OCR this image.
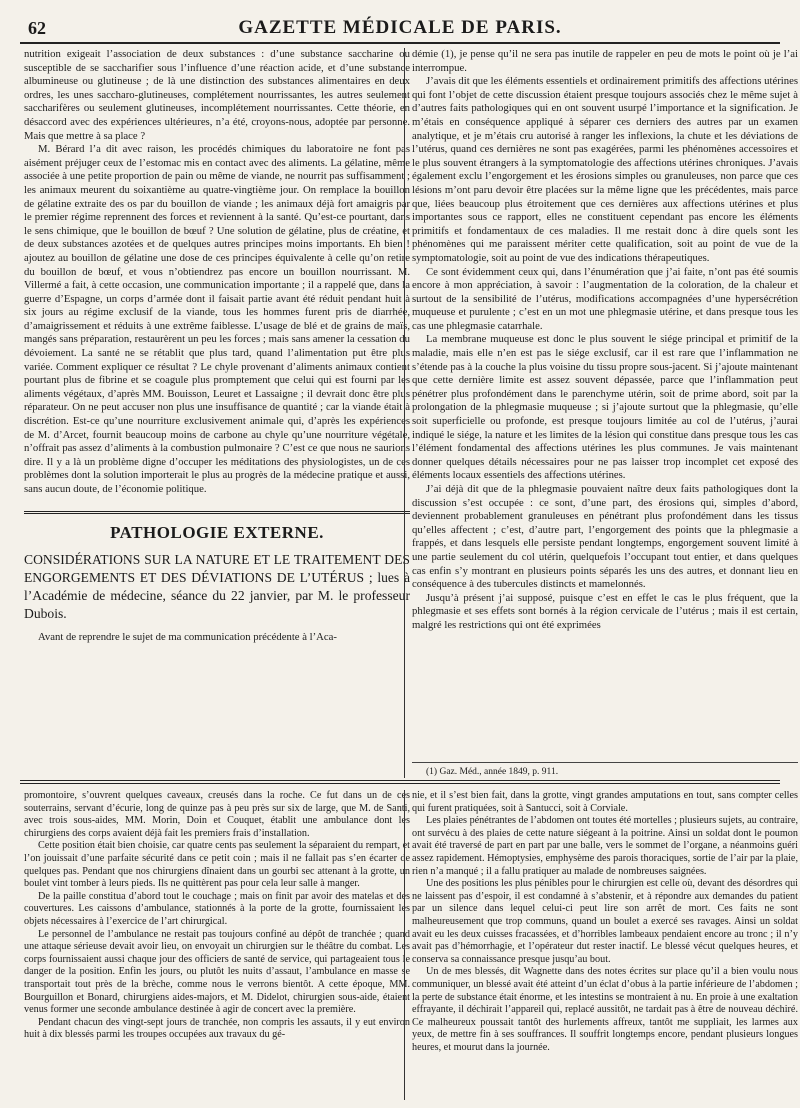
62	GAZETTE MÉDICALE DE PARIS.

nutrition exigeait l’association de deux substances : d’une substance saccharine ou susceptible de se saccharifier sous l’influence d’une réaction acide, et d’une substance albumineuse ou glutineuse ; de là une distinction des substances alimentaires en deux ordres, les unes saccharo-glutineuses, complétement nourrissantes, les autres seulement saccharifères ou seulement glutineuses, incomplétement nourrissantes. Cette théorie, en désaccord avec des expériences ultérieures, n’a été, croyons-nous, adoptée par personne. Mais que mettre à sa place ?

M. Bérard l’a dit avec raison, les procédés chimiques du laboratoire ne font pas aisément préjuger ceux de l’estomac mis en contact avec des aliments. La gélatine, même associée à une petite proportion de pain ou même de viande, ne nourrit pas suffisamment ; les animaux meurent du soixantième au quatre-vingtième jour. On remplace la bouillon de gélatine extraite des os par du bouillon de viande ; les animaux déjà fort amaigris par le premier régime reprennent des forces et reviennent à la santé. Qu’est-ce pourtant, dans le sens chimique, que le bouillon de bœuf ? Une solution de gélatine, plus de créatine, et de deux substances azotées et de quelques autres principes moins importants. Eh bien ! ajoutez au bouillon de gélatine une dose de ces principes équivalente à celle qu’on retire du bouillon de bœuf, et vous n’obtiendrez pas encore un bouillon nourrissant. M. Villermé a fait, à cette occasion, une communication importante ; il a rappelé que, dans la guerre d’Espagne, un corps d’armée dont il faisait partie avant été réduit pendant huit à six jours au régime exclusif de la viande, tous les hommes furent pris de diarrhée, d’amaigrissement et réduits à une extrême faiblesse. L’usage de blé et de grains de maïs, mangés sans préparation, restaurèrent un peu les forces ; mais sans amener la cessation du dévoiement. La santé ne se rétablit que plus tard, quand l’alimentation put être plus variée. Comment expliquer ce résultat ? Le chyle provenant d’aliments animaux contient pourtant plus de fibrine et se coagule plus promptement que celui qui est fourni par les aliments végétaux, d’après MM. Bouisson, Leuret et Lassaigne ; il devrait donc être plus réparateur. On ne peut accuser non plus une insuffisance de quantité ; car la viande était à discrétion. Est-ce qu’une nourriture exclusivement animale qui, d’après les expériences de M. d’Arcet, fournit beaucoup moins de carbone au chyle qu’une nourriture végétale, n’offrait pas assez d’aliments à la combustion pulmonaire ? C’est ce que nous ne saurions dire. Il y a là un problème digne d’occuper les méditations des physiologistes, un de ces problèmes dont la solution importerait le plus au progrès de la médecine pratique et aussi, sans aucun doute, de l’économie politique.

PATHOLOGIE EXTERNE.
CONSIDÉRATIONS SUR LA NATURE ET LE TRAITEMENT DES ENGORGEMENTS ET DES DÉVIATIONS DE L’UTÉRUS ; lues à l’Académie de médecine, séance du 22 janvier, par M. le professeur Dubois.

Avant de reprendre le sujet de ma communication précédente à l’Aca-

démie (1), je pense qu’il ne sera pas inutile de rappeler en peu de mots le point où je l’ai interrompue.

J’avais dit que les éléments essentiels et ordinairement primitifs des affections utérines qui font l’objet de cette discussion étaient presque toujours associés chez le même sujet à d’autres faits pathologiques qui en ont souvent usurpé l’importance et la signification. Je m’étais en conséquence appliqué à séparer ces derniers des autres par un examen analytique, et je m’étais cru autorisé à ranger les inflexions, la chute et les déviations de l’utérus, quand ces dernières ne sont pas exagérées, parmi les phénomènes accessoires et le plus souvent étrangers à la symptomatologie des affections utérines chroniques. J’avais également exclu l’engorgement et les érosions simples ou granuleuses, non parce que ces lésions m’ont paru devoir être placées sur la même ligne que les précédentes, mais parce que, liées beaucoup plus étroitement que ces dernières aux affections utérines et plus importantes sous ce rapport, elles ne constituent cependant pas encore les éléments primitifs et fondamentaux de ces maladies. Il me restait donc à dire quels sont les phénomènes qui me paraissent mériter cette qualification, soit au point de vue de la symptomatologie, soit au point de vue des indications thérapeutiques.

Ce sont évidemment ceux qui, dans l’énumération que j’ai faite, n’ont pas été soumis encore à mon appréciation, à savoir : l’augmentation de la coloration, de la chaleur et surtout de la sensibilité de l’utérus, modifications accompagnées d’une hypersécrétion muqueuse et purulente ; c’est en un mot une phlegmasie utérine, et dans presque tous les cas une phlegmasie catarrhale.

La membrane muqueuse est donc le plus souvent le siége principal et primitif de la maladie, mais elle n’en est pas le siége exclusif, car il est rare que l’inflammation ne s’étende pas à la couche la plus voisine du tissu propre sous-jacent. Si j’ajoute maintenant que cette dernière limite est assez souvent dépassée, parce que l’inflammation peut pénétrer plus profondément dans le parenchyme utérin, soit de prime abord, soit par la prolongation de la phlegmasie muqueuse ; si j’ajoute surtout que la phlegmasie, qu’elle soit superficielle ou profonde, est presque toujours limitée au col de l’utérus, j’aurai indiqué le siége, la nature et les limites de la lésion qui constitue dans presque tous les cas l’élément fondamental des affections utérines les plus communes. Je vais maintenant donner quelques détails nécessaires pour ne pas laisser trop incomplet cet exposé des éléments locaux essentiels des affections utérines.

J’ai déjà dit que de la phlegmasie pouvaient naître deux faits pathologiques dont la discussion s’est occupée : ce sont, d’une part, des érosions qui, simples d’abord, deviennent probablement granuleuses en pénétrant plus profondément dans les tissus qu’elles affectent ; c’est, d’autre part, l’engorgement des points que la phlegmasie a frappés, et dans lesquels elle persiste pendant longtemps, engorgement souvent limité à une partie seulement du col utérin, quelquefois l’occupant tout entier, et dans quelques cas enfin s’y montrant en plusieurs points séparés les uns des autres, et donnant lieu en conséquence à des tubercules distincts et mamelonnés.

Jusqu’à présent j’ai supposé, puisque c’est en effet le cas le plus fréquent, que la phlegmasie et ses effets sont bornés à la région cervicale de l’utérus ; mais il est certain, malgré les restrictions qui ont été exprimées

(1) Gaz. Méd., année 1849, p. 911.

promontoire, s’ouvrent quelques caveaux, creusés dans la roche. Ce fut dans un de ces souterrains, servant d’écurie, long de quinze pas à peu près sur six de large, que M. de Santi, avec trois sous-aides, MM. Morin, Doin et Couquet, établit une ambulance dont les chirurgiens des corps avaient déjà fait les premiers frais d’installation.

Cette position était bien choisie, car quatre cents pas seulement la séparaient du rempart, et l’on jouissait d’une parfaite sécurité dans ce petit coin ; mais il ne fallait pas s’en écarter de quelques pas. Pendant que nos chirurgiens dînaient dans un gourbi sec attenant à la grotte, un boulet vint tomber à leurs pieds. Ils ne quittèrent pas pour cela leur salle à manger.

De la paille constitua d’abord tout le couchage ; mais on finit par avoir des matelas et des couvertures. Les caissons d’ambulance, stationnés à la porte de la grotte, fournissaient les objets nécessaires à l’exercice de l’art chirurgical.

Le personnel de l’ambulance ne restait pas toujours confiné au dépôt de tranchée ; quand une attaque sérieuse devait avoir lieu, on envoyait un chirurgien sur le théâtre du combat. Les corps fournissaient aussi chaque jour des officiers de santé de service, qui partageaient tous le danger de la position. Enfin les jours, ou plutôt les nuits d’assaut, l’ambulance en masse se transportait tout près de la brèche, comme nous le verrons bientôt. A cette époque, MM. Bourguillon et Bonard, chirurgiens aides-majors, et M. Didelot, chirurgien sous-aide, étaient venus former une seconde ambulance destinée à agir de concert avec la première.

Pendant chacun des vingt-sept jours de tranchée, non compris les assauts, il y eut environ huit à dix blessés parmi les troupes occupées aux travaux du gé-

nie, et il s’est bien fait, dans la grotte, vingt grandes amputations en tout, sans compter celles qui furent pratiquées, soit à Santucci, soit à Corviale.

Les plaies pénétrantes de l’abdomen ont toutes été mortelles ; plusieurs sujets, au contraire, ont survécu à des plaies de cette nature siégeant à la poitrine. Ainsi un soldat dont le poumon avait été traversé de part en part par une balle, vers le sommet de l’organe, a néanmoins guéri assez rapidement. Hémoptysies, emphysème des parois thoraciques, sortie de l’air par la plaie, rien n’a manqué ; il a fallu pratiquer au malade de nombreuses saignées.

Une des positions les plus pénibles pour le chirurgien est celle où, devant des désordres qui ne laissent pas d’espoir, il est condamné à s’abstenir, et à répondre aux demandes du patient par un silence dans lequel celui-ci peut lire son arrêt de mort. Ces faits ne sont malheureusement que trop communs, quand un boulet a exercé ses ravages. Ainsi un soldat avait eu les deux cuisses fracassées, et d’horribles lambeaux pendaient encore au tronc ; il n’y avait pas d’hémorrhagie, et l’opérateur dut rester inactif. Le blessé vécut quelques heures, et conserva sa connaissance presque jusqu’au bout.

Un de mes blessés, dit Wagnette dans des notes écrites sur place qu’il a bien voulu nous communiquer, un blessé avait été atteint d’un éclat d’obus à la partie inférieure de l’abdomen ; la perte de substance était énorme, et les intestins se montraient à nu. En proie à une exaltation effrayante, il déchirait l’appareil qui, replacé aussitôt, ne tardait pas à être de nouveau déchiré. Ce malheureux poussait tantôt des hurlements affreux, tantôt me suppliait, les larmes aux yeux, de mettre fin à ses souffrances. Il souffrit longtemps encore, pendant plusieurs longues heures, et mourut dans la journée.
